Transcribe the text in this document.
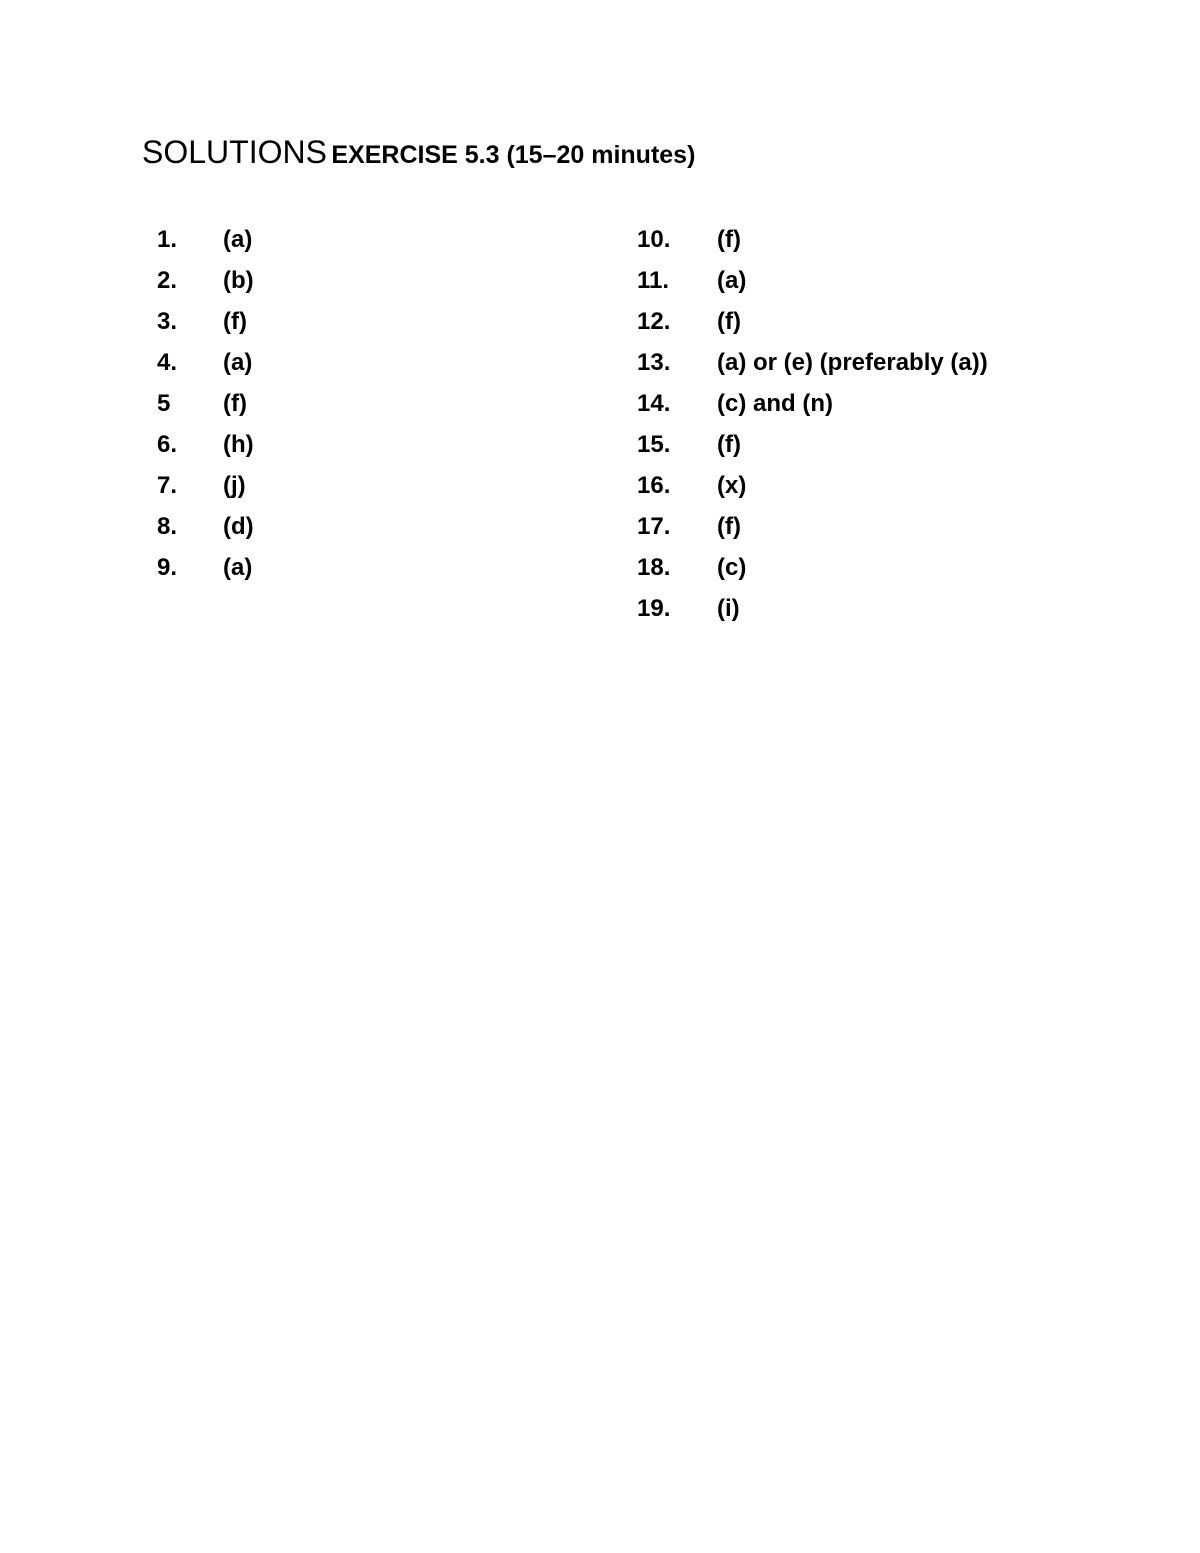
SOLUTIONS EXERCISE 5.3 (15–20 minutes)
1.	(a)
2.	(b)
3.	(f)
4.	(a)
5	(f)
6.	(h)
7.	(j)
8.	(d)
9.	(a)
10.	(f)
11.	(a)
12.	(f)
13.	(a) or (e) (preferably (a))
14.	(c) and (n)
15.	(f)
16.	(x)
17.	(f)
18.	(c)
19.	(i)
